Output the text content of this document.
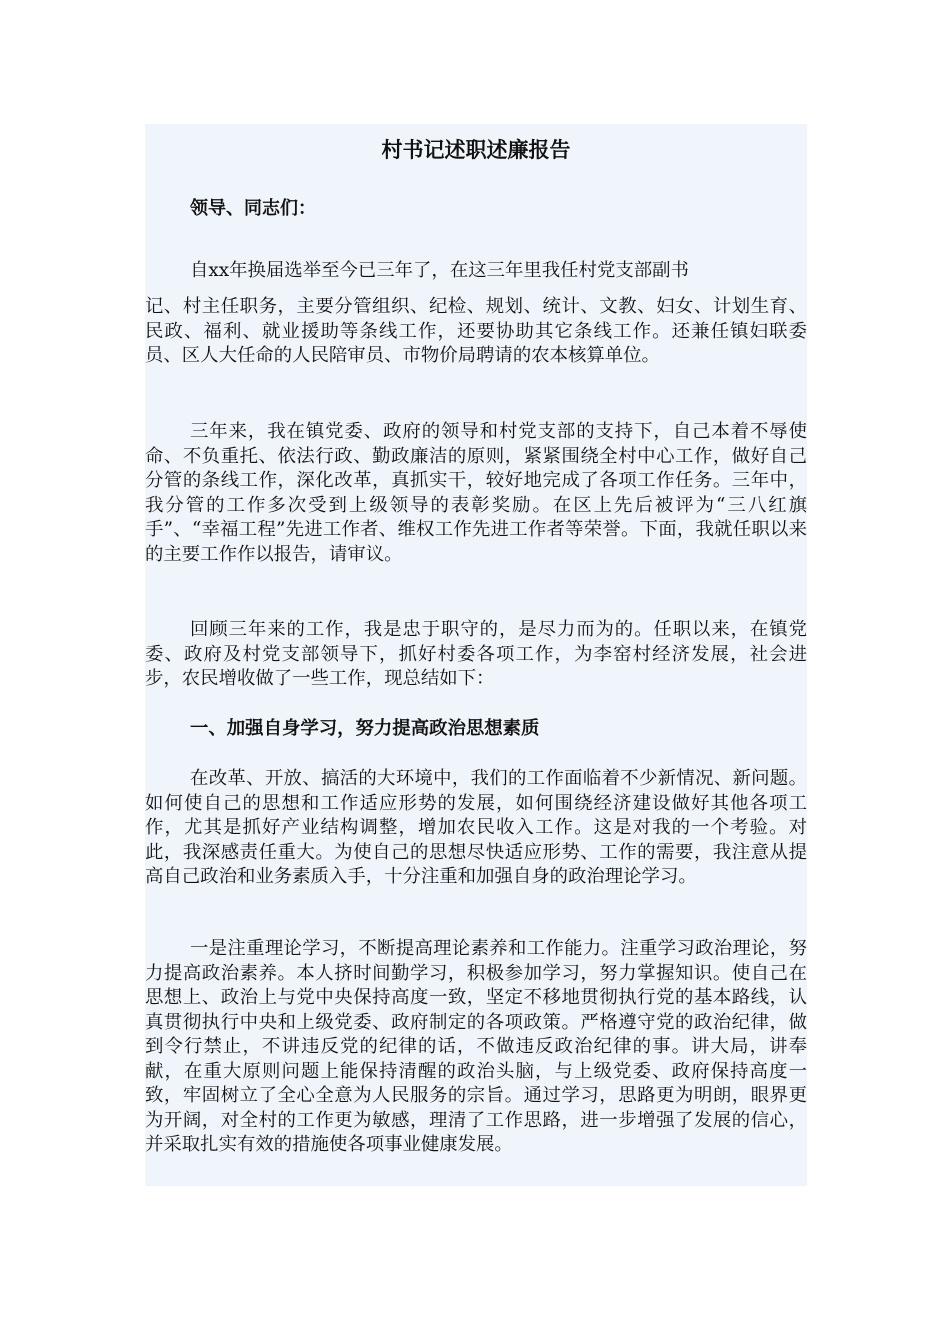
村书记述职述廉报告

领导、同志们：

自xx年换届选举至今已三年了，在这三年里我任村党支部副书

记、村主任职务，主要分管组织、纪检、规划、统计、文教、妇女、计划生育、民政、福利、就业援助等条线工作，还要协助其它条线工作。还兼任镇妇联委员、区人大任命的人民陪审员、市物价局聘请的农本核算单位。

三年来，我在镇党委、政府的领导和村党支部的支持下，自己本着不辱使命、不负重托、依法行政、勤政廉洁的原则，紧紧围绕全村中心工作，做好自己分管的条线工作，深化改革，真抓实干，较好地完成了各项工作任务。三年中，我分管的工作多次受到上级领导的表彰奖励。在区上先后被评为“三八红旗手”、“幸福工程”先进工作者、维权工作先进工作者等荣誉。下面，我就任职以来的主要工作作以报告，请审议。

回顾三年来的工作，我是忠于职守的，是尽力而为的。任职以来，在镇党委、政府及村党支部领导下，抓好村委各项工作，为李窑村经济发展，社会进步，农民增收做了一些工作，现总结如下：

一、加强自身学习，努力提高政治思想素质

在改革、开放、搞活的大环境中，我们的工作面临着不少新情况、新问题。如何使自己的思想和工作适应形势的发展，如何围绕经济建设做好其他各项工作，尤其是抓好产业结构调整，增加农民收入工作。这是对我的一个考验。对此，我深感责任重大。为使自己的思想尽快适应形势、工作的需要，我注意从提高自己政治和业务素质入手，十分注重和加强自身的政治理论学习。

一是注重理论学习，不断提高理论素养和工作能力。注重学习政治理论，努力提高政治素养。本人挤时间勤学习，积极参加学习，努力掌握知识。使自己在思想上、政治上与党中央保持高度一致，坚定不移地贯彻执行党的基本路线，认真贯彻执行中央和上级党委、政府制定的各项政策。严格遵守党的政治纪律，做到令行禁止，不讲违反党的纪律的话，不做违反政治纪律的事。讲大局，讲奉献，在重大原则问题上能保持清醒的政治头脑，与上级党委、政府保持高度一致，牢固树立了全心全意为人民服务的宗旨。通过学习，思路更为明朗，眼界更为开阔，对全村的工作更为敏感，理清了工作思路，进一步增强了发展的信心，并采取扎实有效的措施使各项事业健康发展。
